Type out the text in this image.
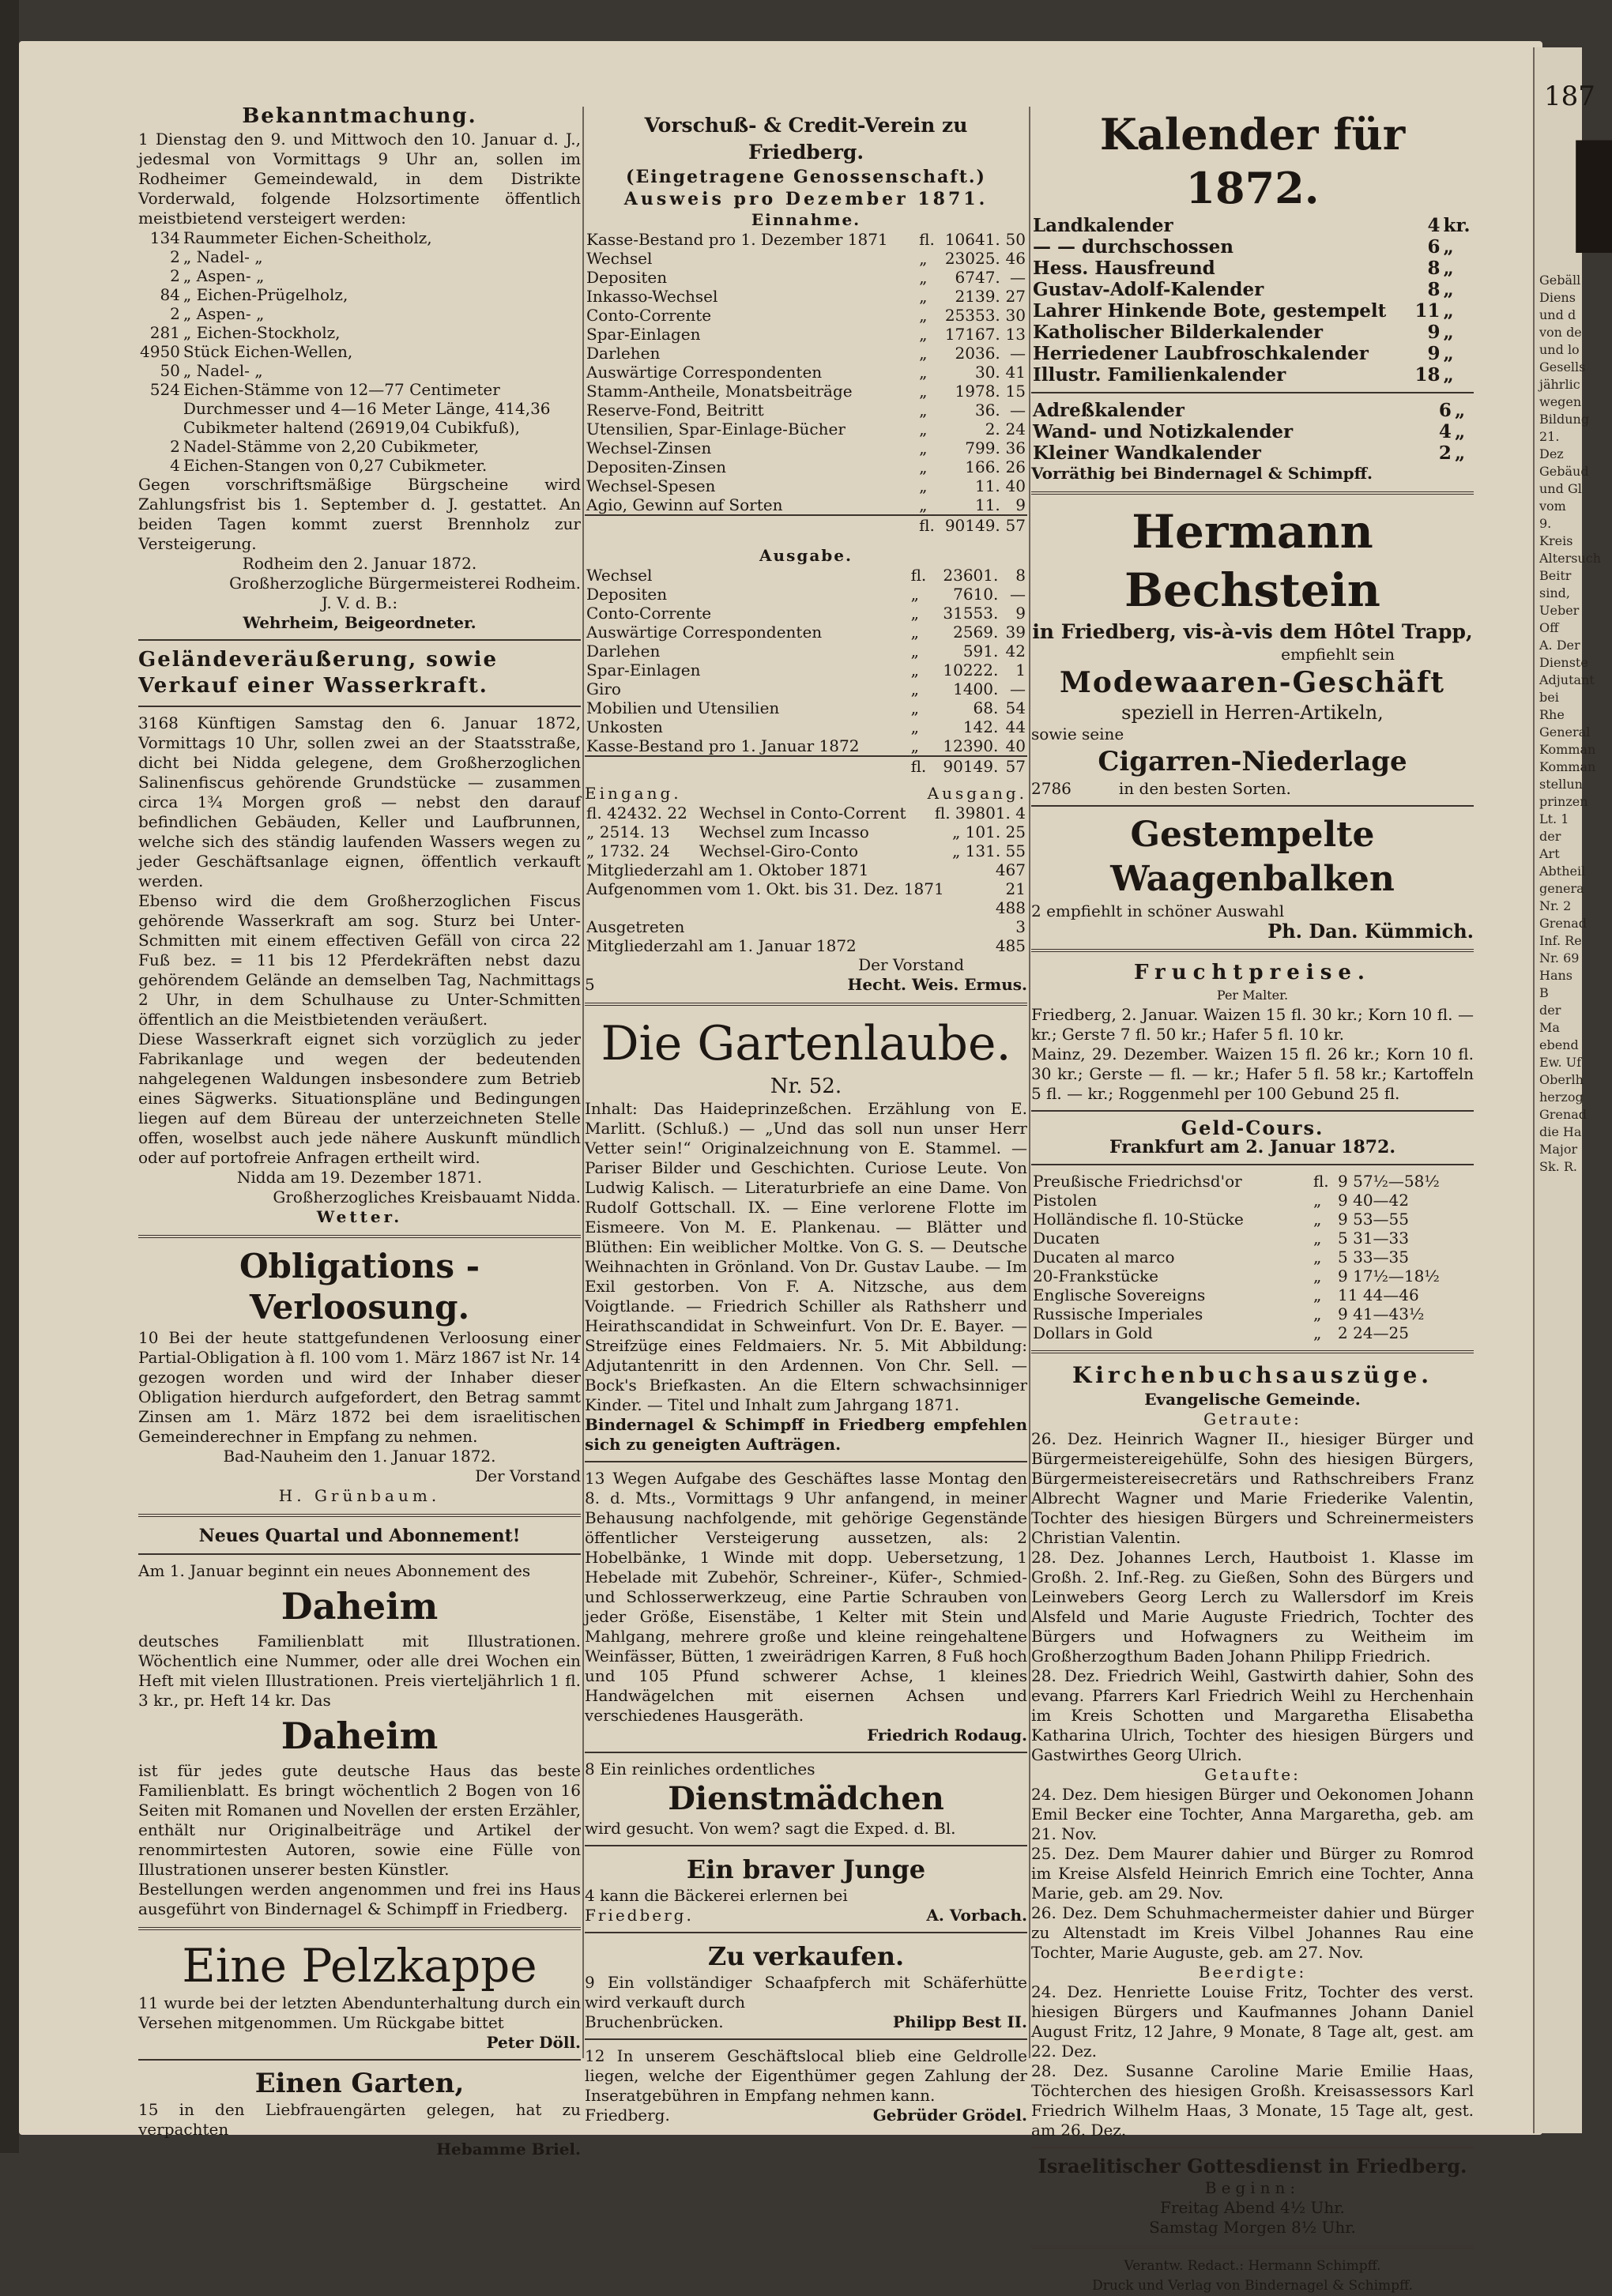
Bekanntmachung.

1 Dienstag den 9. und Mittwoch den 10. Januar d. J., jedesmal von Vormittags 9 Uhr an, sollen im Rodheimer Gemeindewald, in dem Distrikte Vorderwald, folgende Holzsortimente öffentlich meistbietend versteigert werden:

134	Raummeter Eichen-Scheitholz,
2	„ Nadel- „
2	„ Aspen- „
84	„ Eichen-Prügelholz,
2	„ Aspen- „
281	„ Eichen-Stockholz,
4950	Stück Eichen-Wellen,
50	„ Nadel- „
524	Eichen-Stämme von 12—77 Centimeter Durchmesser und 4—16 Meter Länge, 414,36 Cubikmeter haltend (26919,04 Cubikfuß),
2	Nadel-Stämme von 2,20 Cubikmeter,
4	Eichen-Stangen von 0,27 Cubikmeter.

Gegen vorschriftsmäßige Bürgscheine wird Zahlungsfrist bis 1. September d. J. gestattet. An beiden Tagen kommt zuerst Brennholz zur Versteigerung.

Rodheim den 2. Januar 1872.
Großherzogliche Bürgermeisterei Rodheim.
J. V. d. B.:
Wehrheim, Beigeordneter.
Geländeveräußerung, sowie Verkauf einer Wasserkraft.

3168 Künftigen Samstag den 6. Januar 1872, Vormittags 10 Uhr, sollen zwei an der Staatsstraße, dicht bei Nidda gelegene, dem Großherzoglichen Salinenfiscus gehörende Grundstücke — zusammen circa 1¾ Morgen groß — nebst den darauf befindlichen Gebäuden, Keller und Laufbrunnen, welche sich des ständig laufenden Wassers wegen zu jeder Geschäftsanlage eignen, öffentlich verkauft werden.

Ebenso wird die dem Großherzoglichen Fiscus gehörende Wasserkraft am sog. Sturz bei Unter-Schmitten mit einem effectiven Gefäll von circa 22 Fuß bez. = 11 bis 12 Pferdekräften nebst dazu gehörendem Gelände an demselben Tag, Nachmittags 2 Uhr, in dem Schulhause zu Unter-Schmitten öffentlich an die Meistbietenden veräußert.

Diese Wasserkraft eignet sich vorzüglich zu jeder Fabrikanlage und wegen der bedeutenden nahgelegenen Waldungen insbesondere zum Betrieb eines Sägwerks. Situationspläne und Bedingungen liegen auf dem Büreau der unterzeichneten Stelle offen, woselbst auch jede nähere Auskunft mündlich oder auf portofreie Anfragen ertheilt wird.

Nidda am 19. Dezember 1871.
Großherzogliches Kreisbauamt Nidda.
Wetter.
Obligations - Verloosung.

10 Bei der heute stattgefundenen Verloosung einer Partial-Obligation à fl. 100 vom 1. März 1867 ist Nr. 14 gezogen worden und wird der Inhaber dieser Obligation hierdurch aufgefordert, den Betrag sammt Zinsen am 1. März 1872 bei dem israelitischen Gemeinderechner in Empfang zu nehmen.

Bad-Nauheim den 1. Januar 1872.
Der Vorstand
H. Grünbaum.
Neues Quartal und Abonnement!

Am 1. Januar beginnt ein neues Abonnement des

Daheim

deutsches Familienblatt mit Illustrationen. Wöchentlich eine Nummer, oder alle drei Wochen ein Heft mit vielen Illustrationen. Preis vierteljährlich 1 fl. 3 kr., pr. Heft 14 kr. Das

Daheim

ist für jedes gute deutsche Haus das beste Familienblatt. Es bringt wöchentlich 2 Bogen von 16 Seiten mit Romanen und Novellen der ersten Erzähler, enthält nur Originalbeiträge und Artikel der renommirtesten Autoren, sowie eine Fülle von Illustrationen unserer besten Künstler.

Bestellungen werden angenommen und frei ins Haus ausgeführt von Bindernagel & Schimpff in Friedberg.

Eine Pelzkappe

11 wurde bei der letzten Abendunterhaltung durch ein Versehen mitgenommen. Um Rückgabe bittet

Peter Döll.
Einen Garten,

15 in den Liebfrauengärten gelegen, hat zu verpachten

Hebamme Briel.
Vorschuß- & Credit-Verein zu Friedberg.
(Eingetragene Genossenschaft.)
Ausweis pro Dezember 1871.
Einnahme.
Kasse-Bestand pro 1. Dezember 1871	fl.	10641.	50
Wechsel	„	23025.	46
Depositen	„	6747.	—
Inkasso-Wechsel	„	2139.	27
Conto-Corrente	„	25353.	30
Spar-Einlagen	„	17167.	13
Darlehen	„	2036.	—
Auswärtige Correspondenten	„	30.	41
Stamm-Antheile, Monatsbeiträge	„	1978.	15
Reserve-Fond, Beitritt	„	36.	—
Utensilien, Spar-Einlage-Bücher	„	2.	24
Wechsel-Zinsen	„	799.	36
Depositen-Zinsen	„	166.	26
Wechsel-Spesen	„	11.	40
Agio, Gewinn auf Sorten	„	11.	9
	fl.	90149.	57
Ausgabe.
Wechsel	fl.	23601.	8
Depositen	„	7610.	—
Conto-Corrente	„	31553.	9
Auswärtige Correspondenten	„	2569.	39
Darlehen	„	591.	42
Spar-Einlagen	„	10222.	1
Giro	„	1400.	—
Mobilien und Utensilien	„	68.	54
Unkosten	„	142.	44
Kasse-Bestand pro 1. Januar 1872	„	12390.	40
	fl.	90149.	57
Eingang.	Ausgang.
fl. 42432. 22	Wechsel in Conto-Corrent	fl. 39801. 4
„ 2514. 13	Wechsel zum Incasso	„ 101. 25
„ 1732. 24	Wechsel-Giro-Conto	„ 131. 55
Mitgliederzahl am 1. Oktober 1871	467
Aufgenommen vom 1. Okt. bis 31. Dez. 1871	21
	488
Ausgetreten	3
Mitgliederzahl am 1. Januar 1872	485
Der Vorstand
5	Hecht. Weis. Ermus.
Die Gartenlaube.
Nr. 52.

Inhalt: Das Haideprinzeßchen. Erzählung von E. Marlitt. (Schluß.) — „Und das soll nun unser Herr Vetter sein!“ Originalzeichnung von E. Stammel. — Pariser Bilder und Geschichten. Curiose Leute. Von Ludwig Kalisch. — Literaturbriefe an eine Dame. Von Rudolf Gottschall. IX. — Eine verlorene Flotte im Eismeere. Von M. E. Plankenau. — Blätter und Blüthen: Ein weiblicher Moltke. Von G. S. — Deutsche Weihnachten in Grönland. Von Dr. Gustav Laube. — Im Exil gestorben. Von F. A. Nitzsche, aus dem Voigtlande. — Friedrich Schiller als Rathsherr und Heirathscandidat in Schweinfurt. Von Dr. E. Bayer. — Streifzüge eines Feldmaiers. Nr. 5. Mit Abbildung: Adjutantenritt in den Ardennen. Von Chr. Sell. — Bock's Briefkasten. An die Eltern schwachsinniger Kinder. — Titel und Inhalt zum Jahrgang 1871.

Bindernagel & Schimpff in Friedberg empfehlen sich zu geneigten Aufträgen.

13 Wegen Aufgabe des Geschäftes lasse Montag den 8. d. Mts., Vormittags 9 Uhr anfangend, in meiner Behausung nachfolgende, mit gehörige Gegenstände öffentlicher Versteigerung aussetzen, als: 2 Hobelbänke, 1 Winde mit dopp. Uebersetzung, 1 Hebelade mit Zubehör, Schreiner-, Küfer-, Schmied- und Schlosserwerkzeug, eine Partie Schrauben von jeder Größe, Eisenstäbe, 1 Kelter mit Stein und Mahlgang, mehrere große und kleine reingehaltene Weinfässer, Bütten, 1 zweirädrigen Karren, 8 Fuß hoch und 105 Pfund schwerer Achse, 1 kleines Handwägelchen mit eisernen Achsen und verschiedenes Hausgeräth.

Friedrich Rodaug.

8 Ein reinliches ordentliches

Dienstmädchen

wird gesucht. Von wem? sagt die Exped. d. Bl.

Ein braver Junge

4 kann die Bäckerei erlernen bei

Friedberg.	A. Vorbach.
Zu verkaufen.

9 Ein vollständiger Schaafpferch mit Schäferhütte wird verkauft durch

Bruchenbrücken.	Philipp Best II.

12 In unserem Geschäftslocal blieb eine Geldrolle liegen, welche der Eigenthümer gegen Zahlung der Inseratgebühren in Empfang nehmen kann.

Friedberg.	Gebrüder Grödel.
Kalender für 1872.
Landkalender	4	kr.
— — durchschossen	6	„
Hess. Hausfreund	8	„
Gustav-Adolf-Kalender	8	„
Lahrer Hinkende Bote, gestempelt	11	„
Katholischer Bilderkalender	9	„
Herriedener Laubfroschkalender	9	„
Illustr. Familienkalender	18	„
Adreßkalender	6	„
Wand- und Notizkalender	4	„
Kleiner Wandkalender	2	„
Vorräthig bei Bindernagel & Schimpff.
Hermann Bechstein
in Friedberg, vis-à-vis dem Hôtel Trapp,
empfiehlt sein
Modewaaren-Geschäft
speziell in Herren-Artikeln,
sowie seine
Cigarren-Niederlage
2786	in den besten Sorten.
Gestempelte Waagenbalken
2 empfiehlt in schöner Auswahl
Ph. Dan. Kümmich.
Fruchtpreise.
Per Malter.

Friedberg, 2. Januar. Waizen 15 fl. 30 kr.; Korn 10 fl. — kr.; Gerste 7 fl. 50 kr.; Hafer 5 fl. 10 kr.

Mainz, 29. Dezember. Waizen 15 fl. 26 kr.; Korn 10 fl. 30 kr.; Gerste — fl. — kr.; Hafer 5 fl. 58 kr.; Kartoffeln 5 fl. — kr.; Roggenmehl per 100 Gebund 25 fl.

Geld-Cours.
Frankfurt am 2. Januar 1872.
Preußische Friedrichsd'or	fl.	9 57½—58½
Pistolen	„	9 40—42
Holländische fl. 10-Stücke	„	9 53—55
Ducaten	„	5 31—33
Ducaten al marco	„	5 33—35
20-Frankstücke	„	9 17½—18½
Englische Sovereigns	„	11 44—46
Russische Imperiales	„	9 41—43½
Dollars in Gold	„	2 24—25
Kirchenbuchsauszüge.
Evangelische Gemeinde.
Getraute:

26. Dez. Heinrich Wagner II., hiesiger Bürger und Bürgermeistereigehülfe, Sohn des hiesigen Bürgers, Bürgermeistereisecretärs und Rathschreibers Franz Albrecht Wagner und Marie Friederike Valentin, Tochter des hiesigen Bürgers und Schreinermeisters Christian Valentin.

28. Dez. Johannes Lerch, Hautboist 1. Klasse im Großh. 2. Inf.-Reg. zu Gießen, Sohn des Bürgers und Leinwebers Georg Lerch zu Wallersdorf im Kreis Alsfeld und Marie Auguste Friedrich, Tochter des Bürgers und Hofwagners zu Weitheim im Großherzogthum Baden Johann Philipp Friedrich.

28. Dez. Friedrich Weihl, Gastwirth dahier, Sohn des evang. Pfarrers Karl Friedrich Weihl zu Herchenhain im Kreis Schotten und Margaretha Elisabetha Katharina Ulrich, Tochter des hiesigen Bürgers und Gastwirthes Georg Ulrich.

Getaufte:

24. Dez. Dem hiesigen Bürger und Oekonomen Johann Emil Becker eine Tochter, Anna Margaretha, geb. am 21. Nov.

25. Dez. Dem Maurer dahier und Bürger zu Romrod im Kreise Alsfeld Heinrich Emrich eine Tochter, Anna Marie, geb. am 29. Nov.

26. Dez. Dem Schuhmachermeister dahier und Bürger zu Altenstadt im Kreis Vilbel Johannes Rau eine Tochter, Marie Auguste, geb. am 27. Nov.

Beerdigte:

24. Dez. Henriette Louise Fritz, Tochter des verst. hiesigen Bürgers und Kaufmannes Johann Daniel August Fritz, 12 Jahre, 9 Monate, 8 Tage alt, gest. am 22. Dez.

28. Dez. Susanne Caroline Marie Emilie Haas, Töchterchen des hiesigen Großh. Kreisassessors Karl Friedrich Wilhelm Haas, 3 Monate, 15 Tage alt, gest. am 26. Dez.

Israelitischer Gottesdienst in Friedberg.
Beginn:
Freitag Abend 4½ Uhr.
Samstag Morgen 8½ Uhr.
Verantw. Redact.: Hermann Schimpff.
Druck und Verlag von Bindernagel & Schimpff.
187
▐
Gebäll
Diens
und d
von de
und lo
Gesells
jährlic
wegen
Bildung
21. Dez
Gebäud
und Gl
vom 9.
Kreis
Altersuch
Beitr
sind,
Ueber
Off
A. Der
Dienste
Adjutant
bei Rhe
General
Komman
Komman
stellun
prinzen
Lt. 1
der Art
Abtheil
genera
Nr. 2
Grenad
Inf. Re
Nr. 69
Hans B
der Ma
ebend
Ew. Uf
Oberlh
herzog
Grenad
die Ha
Major
Sk. R.
